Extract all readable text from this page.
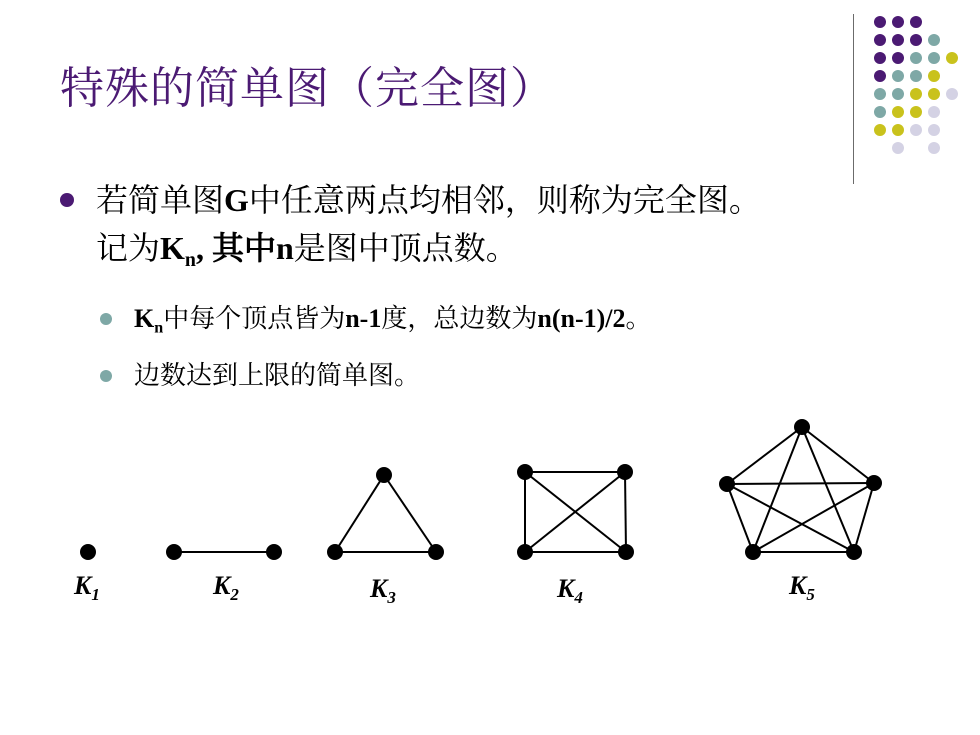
特殊的简单图（完全图）
若简单图G中任意两点均相邻，则称为完全图。
记为$K_n$, 其中n是图中顶点数。
$K_n$中每个顶点皆为n-1度，总边数为n(n-1)/2。
边数达到上限的简单图。
$K_1$	$K_2$	$K_3$	$K_4$	$K_5$
